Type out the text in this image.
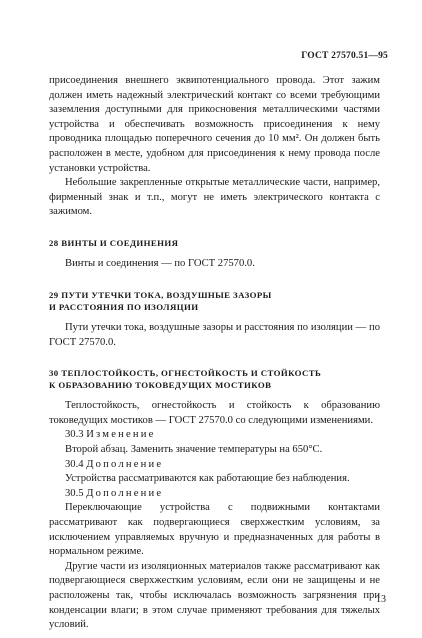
ГОСТ 27570.51—95

присоединения внешнего эквипотенциального провода. Этот зажим должен иметь надежный электрический контакт со всеми требующими заземления доступными для прикосновения металлическими частями устройства и обеспечивать возможность присоединения к нему проводника площадью поперечного сечения до 10 мм². Он должен быть расположен в месте, удобном для присоединения к нему провода после установки устройства.

Небольшие закрепленные открытые металлические части, например, фирменный знак и т.п., могут не иметь электрического контакта с зажимом.

28 ВИНТЫ И СОЕДИНЕНИЯ

Винты и соединения — по ГОСТ 27570.0.

29 ПУТИ УТЕЧКИ ТОКА, ВОЗДУШНЫЕ ЗАЗОРЫ

И РАССТОЯНИЯ ПО ИЗОЛЯЦИИ

Пути утечки тока, воздушные зазоры и расстояния по изоляции — по ГОСТ 27570.0.

30 ТЕПЛОСТОЙКОСТЬ, ОГНЕСТОЙКОСТЬ И СТОЙКОСТЬ

К ОБРАЗОВАНИЮ ТОКОВЕДУЩИХ МОСТИКОВ

Теплостойкость, огнестойкость и стойкость к образованию токоведущих мостиков — ГОСТ 27570.0 со следующими изменениями.

30.3 Изменение

Второй абзац. Заменить значение температуры на 650°С.

30.4 Дополнение

Устройства рассматриваются как работающие без наблюдения.

30.5 Дополнение

Переключающие устройства с подвижными контактами рассматривают как подвергающиеся сверхжестким условиям, за исключением управляемых вручную и предназначенных для работы в нормальном режиме.

Другие части из изоляционных материалов также рассматривают как подвергающиеся сверхжестким условиям, если они не защищены и не расположены так, чтобы исключалась возможность загрязнения при конденсации влаги; в этом случае применяют требования для тяжелых условий.

13
